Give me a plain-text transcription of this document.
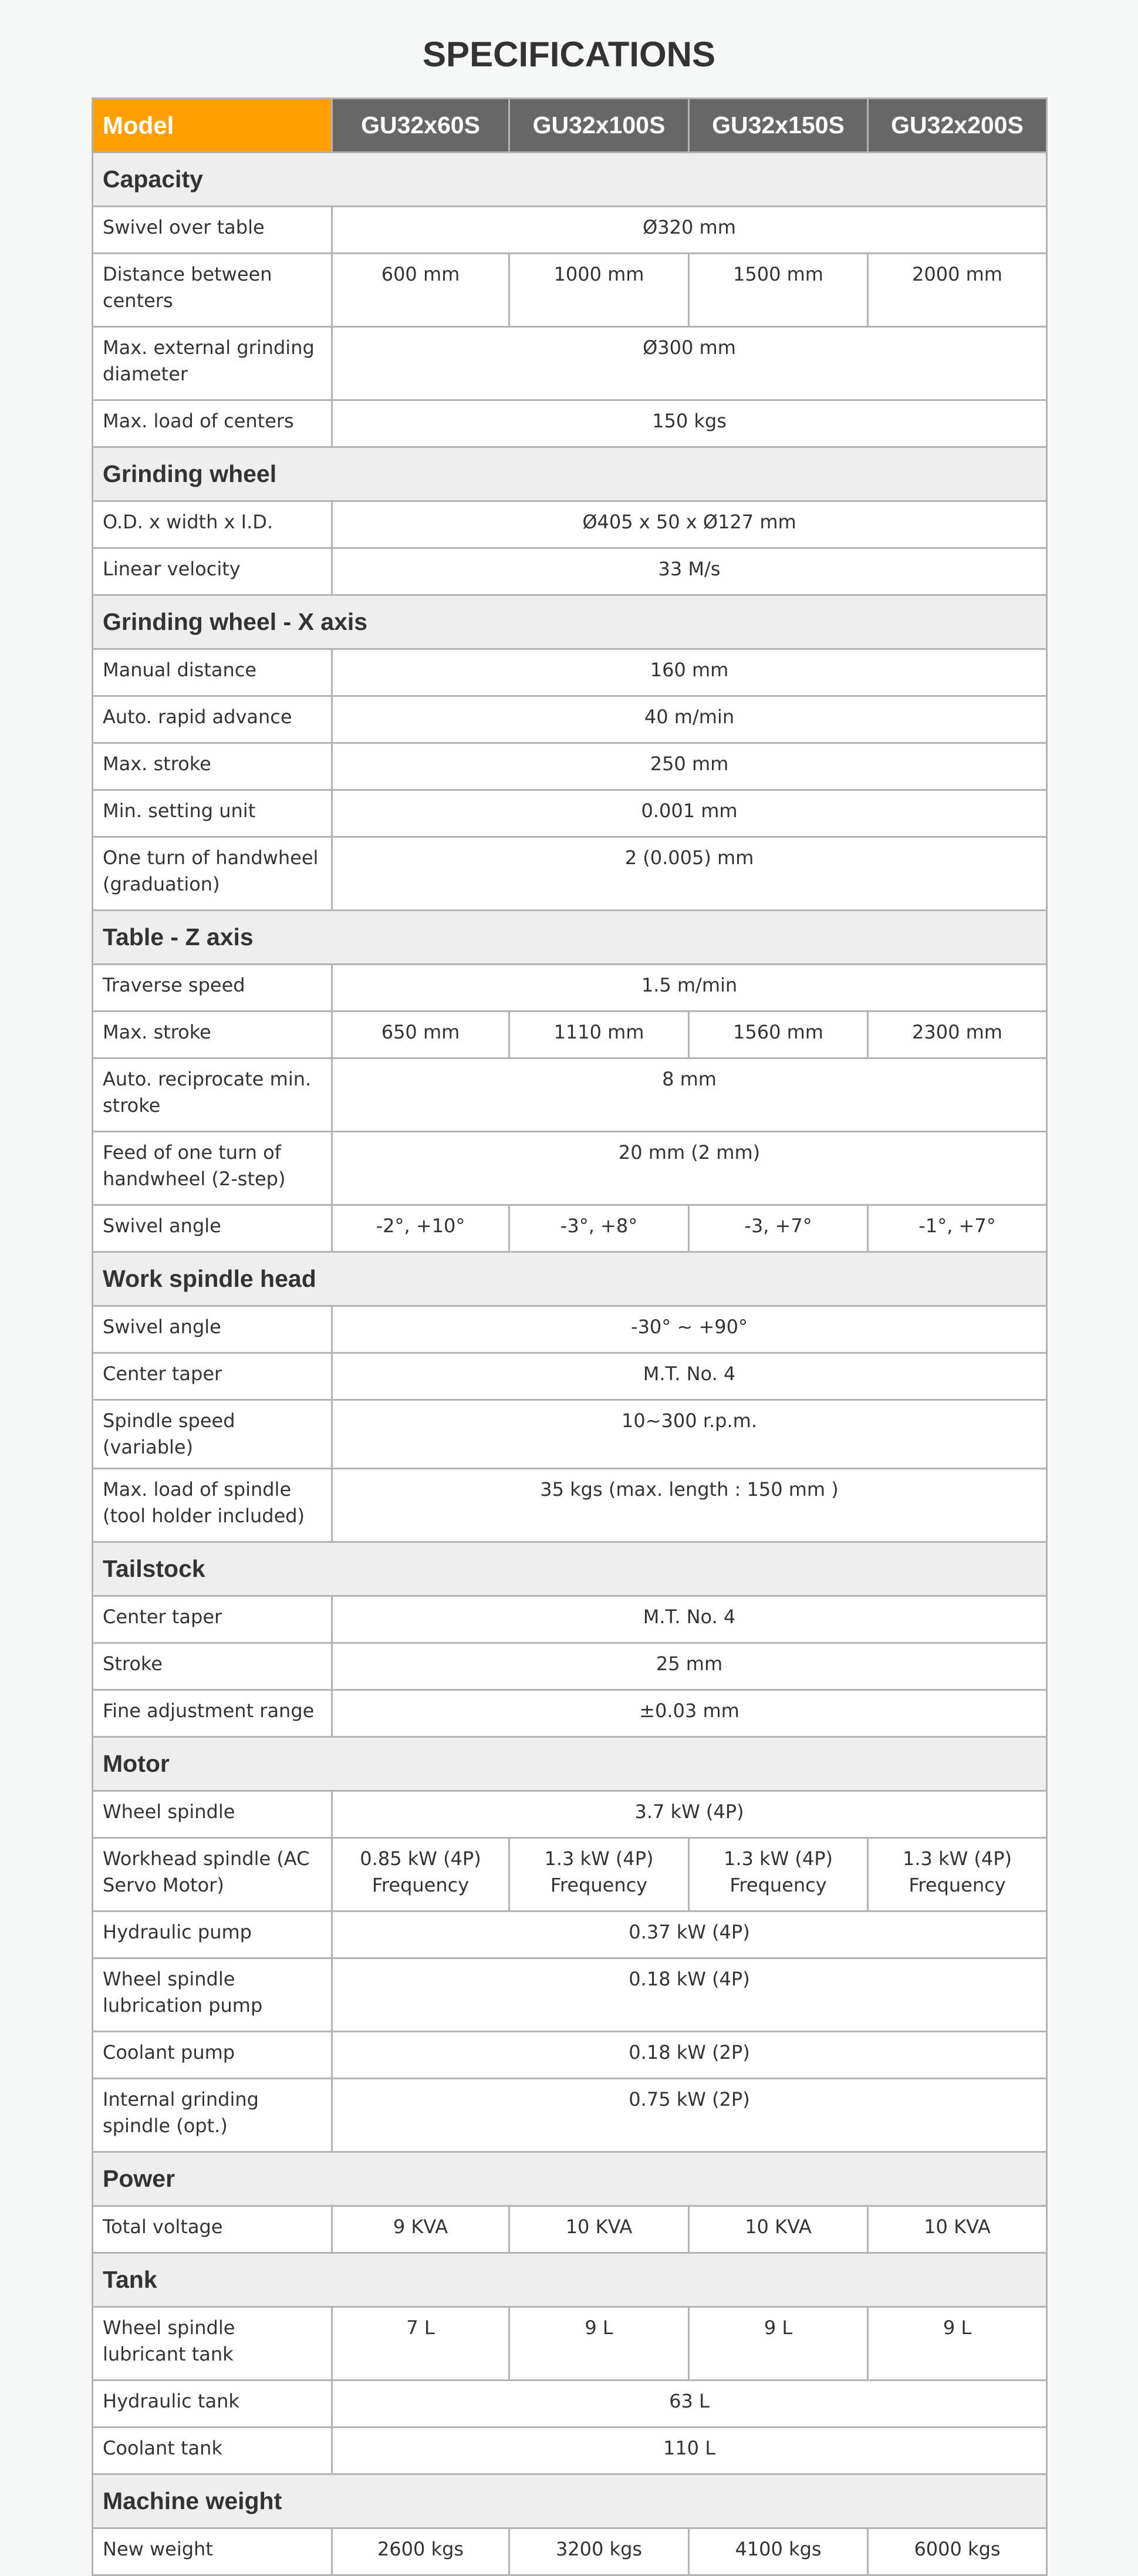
SPECIFICATIONS
Model	GU32x60S	GU32x100S	GU32x150S	GU32x200S
Capacity				
Swivel over table	Ø320 mm			
Distance between centers	600 mm	1000 mm	1500 mm	2000 mm
Max. external grinding diameter	Ø300 mm			
Max. load of centers	150 kgs			
Grinding wheel				
O.D. x width x I.D.	Ø405 x 50 x Ø127 mm			
Linear velocity	33 M/s			
Grinding wheel - X axis				
Manual distance	160 mm			
Auto. rapid advance	40 m/min			
Max. stroke	250 mm			
Min. setting unit	0.001 mm			
One turn of handwheel (graduation)	2 (0.005) mm			
Table - Z axis				
Traverse speed	1.5 m/min			
Max. stroke	650 mm	1110 mm	1560 mm	2300 mm
Auto. reciprocate min. stroke	8 mm			
Feed of one turn of handwheel (2-step)	20 mm (2 mm)			
Swivel angle	-2°, +10°	-3°, +8°	-3, +7°	-1°, +7°
Work spindle head				
Swivel angle	-30° ~ +90°			
Center taper	M.T. No. 4			
Spindle speed (variable)	10~300 r.p.m.			
Max. load of spindle (tool holder included)	35 kgs (max. length : 150 mm )			
Tailstock				
Center taper	M.T. No. 4			
Stroke	25 mm			
Fine adjustment range	±0.03 mm			
Motor				
Wheel spindle	3.7 kW (4P)			
Workhead spindle (AC Servo Motor)	0.85 kW (4P) Frequency	1.3 kW (4P) Frequency	1.3 kW (4P) Frequency	1.3 kW (4P) Frequency
Hydraulic pump	0.37 kW (4P)			
Wheel spindle lubrication pump	0.18 kW (4P)			
Coolant pump	0.18 kW (2P)			
Internal grinding spindle (opt.)	0.75 kW (2P)			
Power				
Total voltage	9 KVA	10 KVA	10 KVA	10 KVA
Tank				
Wheel spindle lubricant tank	7 L	9 L	9 L	9 L
Hydraulic tank	63 L			
Coolant tank	110 L			
Machine weight				
New weight	2600 kgs	3200 kgs	4100 kgs	6000 kgs
